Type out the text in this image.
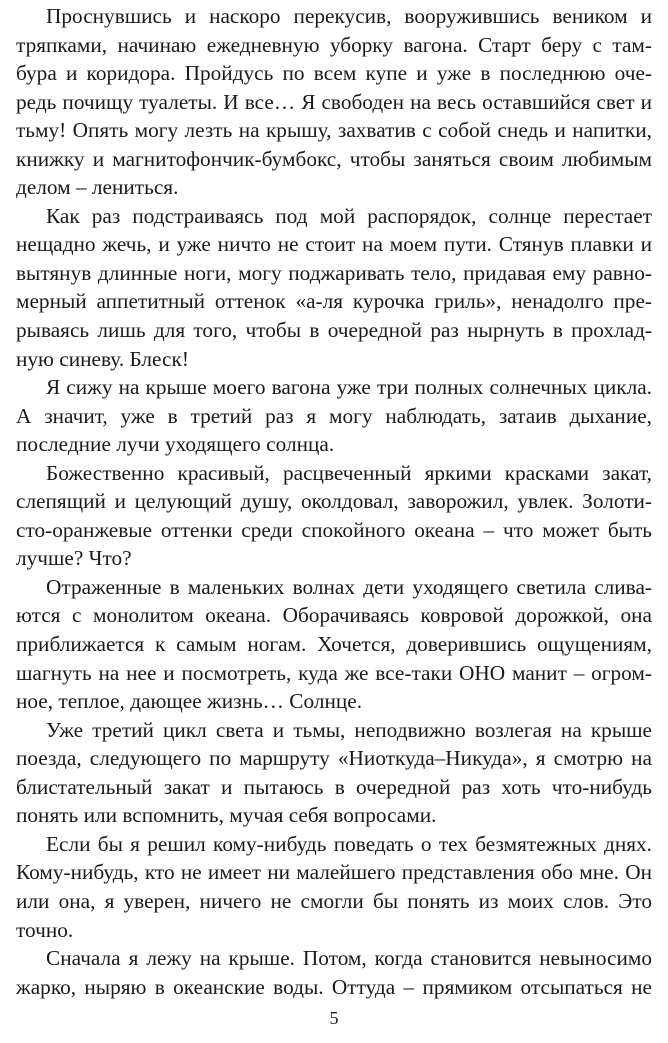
Проснувшись и наскоро перекусив, вооружившись веником и
тряпками, начинаю ежедневную уборку вагона. Старт беру с там-
бура и коридора. Пройдусь по всем купе и уже в последнюю оче-
редь почищу туалеты. И все… Я свободен на весь оставшийся свет и
тьму! Опять могу лезть на крышу, захватив с собой снедь и напитки,
книжку и магнитофончик-бумбокс, чтобы заняться своим любимым
делом – лениться.
Как раз подстраиваясь под мой распорядок, солнце перестает
нещадно жечь, и уже ничто не стоит на моем пути. Стянув плавки и
вытянув длинные ноги, могу поджаривать тело, придавая ему равно-
мерный аппетитный оттенок «а-ля курочка гриль», ненадолго пре-
рываясь лишь для того, чтобы в очередной раз нырнуть в прохлад-
ную синеву. Блеск!
Я сижу на крыше моего вагона уже три полных солнечных цикла.
А значит, уже в третий раз я могу наблюдать, затаив дыхание,
последние лучи уходящего солнца.
Божественно красивый, расцвеченный яркими красками закат,
слепящий и целующий душу, околдовал, заворожил, увлек. Золоти-
сто-оранжевые оттенки среди спокойного океана – что может быть
лучше? Что?
Отраженные в маленьких волнах дети уходящего светила слива-
ются с монолитом океана. Оборачиваясь ковровой дорожкой, она
приближается к самым ногам. Хочется, доверившись ощущениям,
шагнуть на нее и посмотреть, куда же все-таки ОНО манит – огром-
ное, теплое, дающее жизнь… Солнце.
Уже третий цикл света и тьмы, неподвижно возлегая на крыше
поезда, следующего по маршруту «Ниоткуда–Никуда», я смотрю на
блистательный закат и пытаюсь в очередной раз хоть что-нибудь
понять или вспомнить, мучая себя вопросами.
Если бы я решил кому-нибудь поведать о тех безмятежных днях.
Кому-нибудь, кто не имеет ни малейшего представления обо мне. Он
или она, я уверен, ничего не смогли бы понять из моих слов. Это
точно.
Сначала я лежу на крыше. Потом, когда становится невыносимо
жарко, ныряю в океанские воды. Оттуда – прямиком отсыпаться не
5
